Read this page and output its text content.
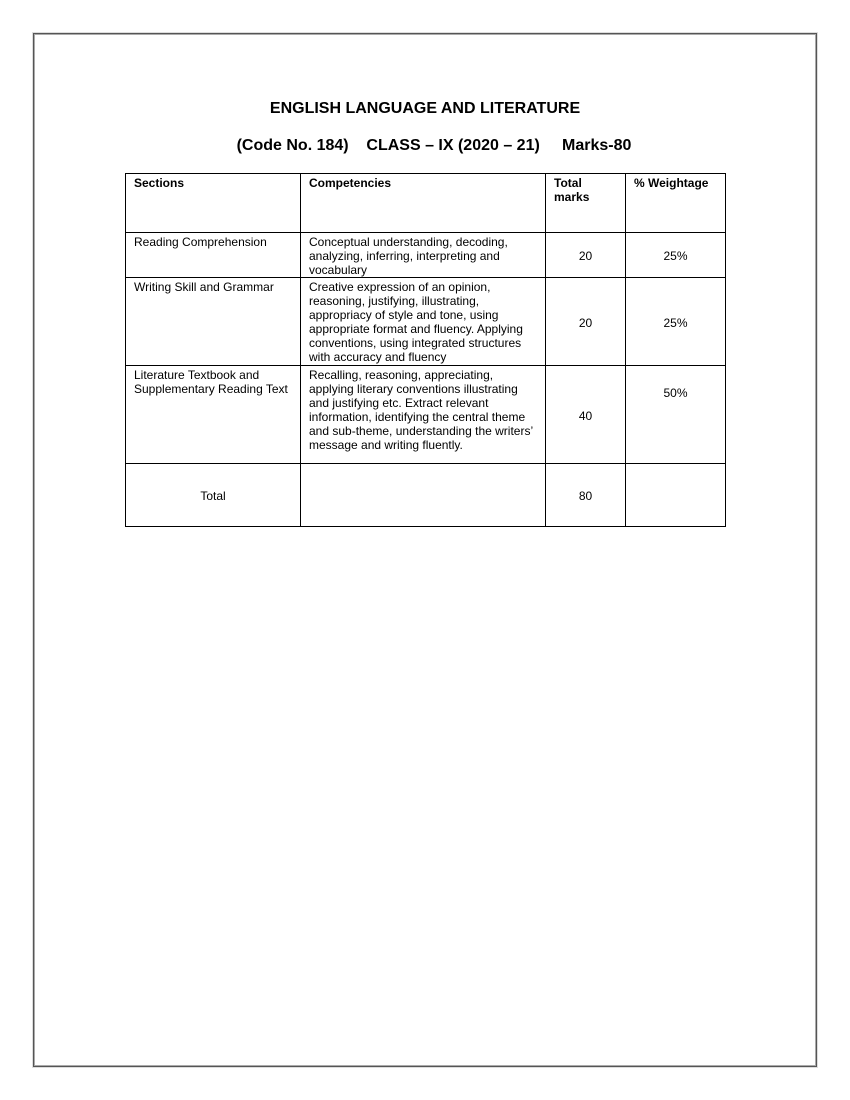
ENGLISH LANGUAGE AND LITERATURE
(Code No. 184)    CLASS – IX (2020 – 21)     Marks-80
Sections	Competencies	Total marks	% Weightage
Reading Comprehension	Conceptual understanding, decoding, analyzing, inferring, interpreting and vocabulary	20	25%
Writing Skill and Grammar	Creative expression of an opinion, reasoning, justifying, illustrating, appropriacy of style and tone, using appropriate format and fluency. Applying conventions, using integrated structures with accuracy and fluency	20	25%
Literature Textbook and Supplementary Reading Text	Recalling, reasoning, appreciating, applying literary conventions illustrating and justifying etc. Extract relevant information, identifying the central theme and sub-theme, understanding the writers’ message and writing fluently.	40	50%
Total		80	
